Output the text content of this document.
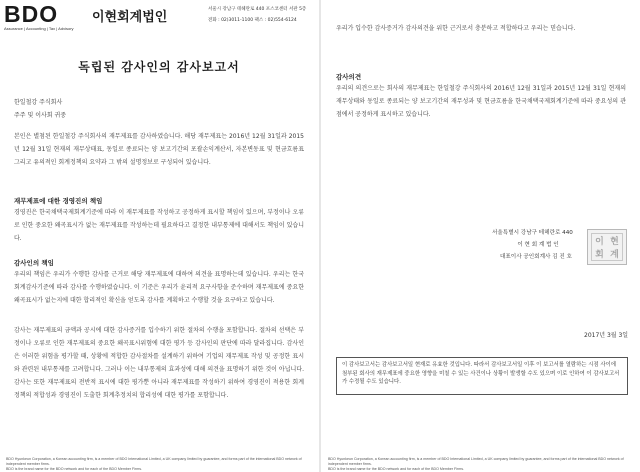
BDO
Assurance | Accounting | Tax | Advisory
이현회계법인
서울시 강남구 테헤란로 440 포스코센터 서관 5층
전화 : 02)3011-1100 팩스 : 02)554-6124
독립된 감사인의 감사보고서
한일철강 주식회사
주주 및 이사회 귀중

본인은 별첨된 한일철강 주식회사의 재무제표를 감사하였습니다. 해당 재무제표는 2016년 12월 31일과 2015년 12월 31일 현재의 재무상태표, 동일로 종료되는 양 보고기간의 포괄손익계산서, 자본변동표 및 현금흐름표 그리고 유의적인 회계정책의 요약과 그 밖의 설명정보로 구성되어 있습니다.

재무제표에 대한 경영진의 책임

경영진은 한국채택국제회계기준에 따라 이 재무제표를 작성하고 공정하게 표시할 책임이 있으며, 부정이나 오류로 인한 중요한 왜곡표시가 없는 재무제표를 작성하는데 필요하다고 결정한 내부통제에 대해서도 책임이 있습니다.

감사인의 책임

우리의 책임은 우리가 수행한 감사를 근거로 해당 재무제표에 대하여 의견을 표명하는데 있습니다. 우리는 한국회계감사기준에 따라 감사를 수행하였습니다. 이 기준은 우리가 윤리적 요구사항을 준수하며 재무제표에 중요한 왜곡표시가 없는지에 대한 합리적인 확신을 얻도록 감사를 계획하고 수행할 것을 요구하고 있습니다.

감사는 재무제표의 금액과 공시에 대한 감사증거를 입수하기 위한 절차의 수행을 포함합니다. 절차의 선택은 부정이나 오류로 인한 재무제표의 중요한 왜곡표시위험에 대한 평가 등 감사인의 판단에 따라 달라집니다. 감사인은 이러한 위험을 평가할 때, 상황에 적합한 감사절차를 설계하기 위하여 기업의 재무제표 작성 및 공정한 표시와 관련된 내부통제를 고려합니다. 그러나 이는 내부통제의 효과성에 대해 의견을 표명하기 위한 것이 아닙니다. 감사는 또한 재무제표의 전반적 표시에 대한 평가뿐 아니라 재무제표를 작성하기 위하여 경영진이 적용한 회계정책의 적합성과 경영진이 도출한 회계추정치의 합리성에 대한 평가를 포함합니다.

BDO Hyunkeun Corporation, a Korean accounting firm, is a member of BDO International Limited, a UK company limited by guarantee, and forms part of the international BDO network of independent member firms.

BDO is the brand name for the BDO network and for each of the BDO Member Firms.

우리가 입수한 감사증거가 감사의견을 위한 근거로서 충분하고 적합하다고 우리는 믿습니다.

감사의견

우리의 의견으로는 회사의 재무제표는 한일철강 주식회사의 2016년 12월 31일과 2015년 12월 31일 현재의 재무상태와 동일로 종료되는 양 보고기간의 재무성과 및 현금흐름을 한국채택국제회계기준에 따라 중요성의 관점에서 공정하게 표시하고 있습니다.

서울특별시 강남구 테헤란로 440
이 현 회 계 법 인
대표이사 공인회계사 김 진 호
이 현
회 계
2017년 3월 3일

이 감사보고서는 감사보고서일 현재로 유효한 것입니다. 따라서 감사보고서일 이후 이 보고서를 열람하는 시점 사이에 첨부된 회사의 재무제표에 중요한 영향을 미칠 수 있는 사건이나 상황이 발생할 수도 있으며 이로 인하여 이 감사보고서가 수정될 수도 있습니다.

BDO Hyunkeun Corporation, a Korean accounting firm, is a member of BDO International Limited, a UK company limited by guarantee, and forms part of the international BDO network of independent member firms.

BDO is the brand name for the BDO network and for each of the BDO Member Firms.
